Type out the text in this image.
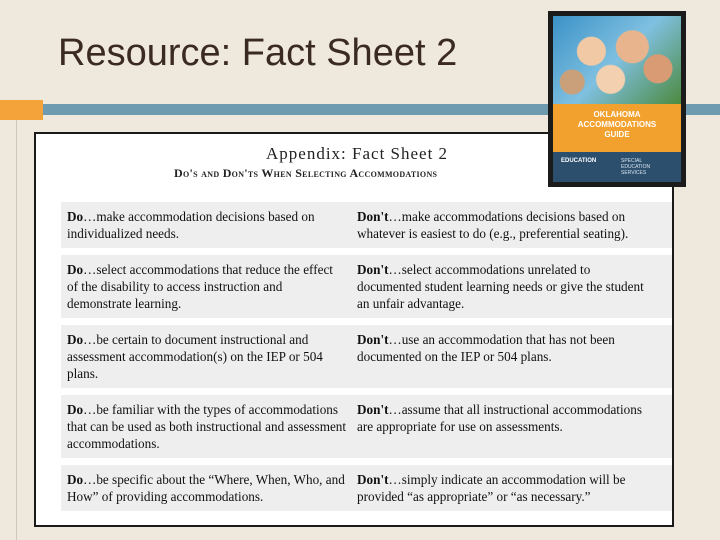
Resource: Fact Sheet 2
Appendix: Fact Sheet 2
Do's and Don'ts When Selecting Accommodations
Do…make accommodation decisions based on individualized needs.
Don't…make accommodations decisions based on whatever is easiest to do (e.g., preferential seating).
Do…select accommodations that reduce the effect of the disability to access instruction and demonstrate learning.
Don't…select accommodations unrelated to documented student learning needs or give the student an unfair advantage.
Do…be certain to document instructional and assessment accommodation(s) on the IEP or 504 plans.
Don't…use an accommodation that has not been documented on the IEP or 504 plans.
Do…be familiar with the types of accommodations that can be used as both instructional and assessment accommodations.
Don't…assume that all instructional accommodations are appropriate for use on assessments.
Do…be specific about the “Where, When, Who, and How” of providing accommodations.
Don't…simply indicate an accommodation will be provided “as appropriate” or “as necessary.”
OKLAHOMA
ACCOMMODATIONS
GUIDE
EDUCATION	SPECIAL EDUCATION SERVICES
